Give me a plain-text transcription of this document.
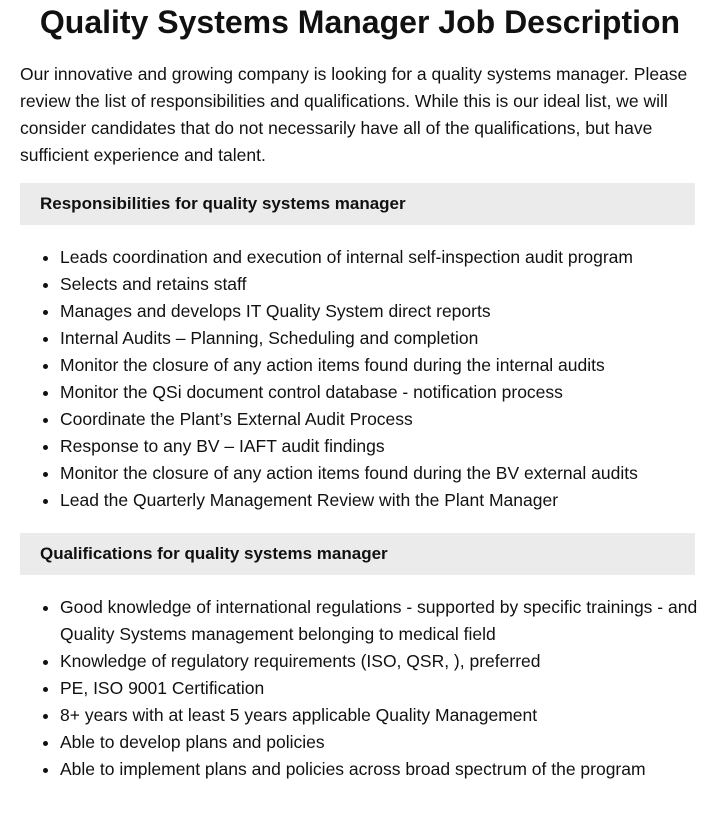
Quality Systems Manager Job Description

Our innovative and growing company is looking for a quality systems manager. Please review the list of responsibilities and qualifications. While this is our ideal list, we will consider candidates that do not necessarily have all of the qualifications, but have sufficient experience and talent.

Responsibilities for quality systems manager
• Leads coordination and execution of internal self-inspection audit program
• Selects and retains staff
• Manages and develops IT Quality System direct reports
• Internal Audits – Planning, Scheduling and completion
• Monitor the closure of any action items found during the internal audits
• Monitor the QSi document control database - notification process
• Coordinate the Plant’s External Audit Process
• Response to any BV – IAFT audit findings
• Monitor the closure of any action items found during the BV external audits
• Lead the Quarterly Management Review with the Plant Manager
Qualifications for quality systems manager
• Good knowledge of international regulations - supported by specific trainings - and Quality Systems management belonging to medical field
• Knowledge of regulatory requirements (ISO, QSR, ), preferred
• PE, ISO 9001 Certification
• 8+ years with at least 5 years applicable Quality Management
• Able to develop plans and policies
• Able to implement plans and policies across broad spectrum of the program
